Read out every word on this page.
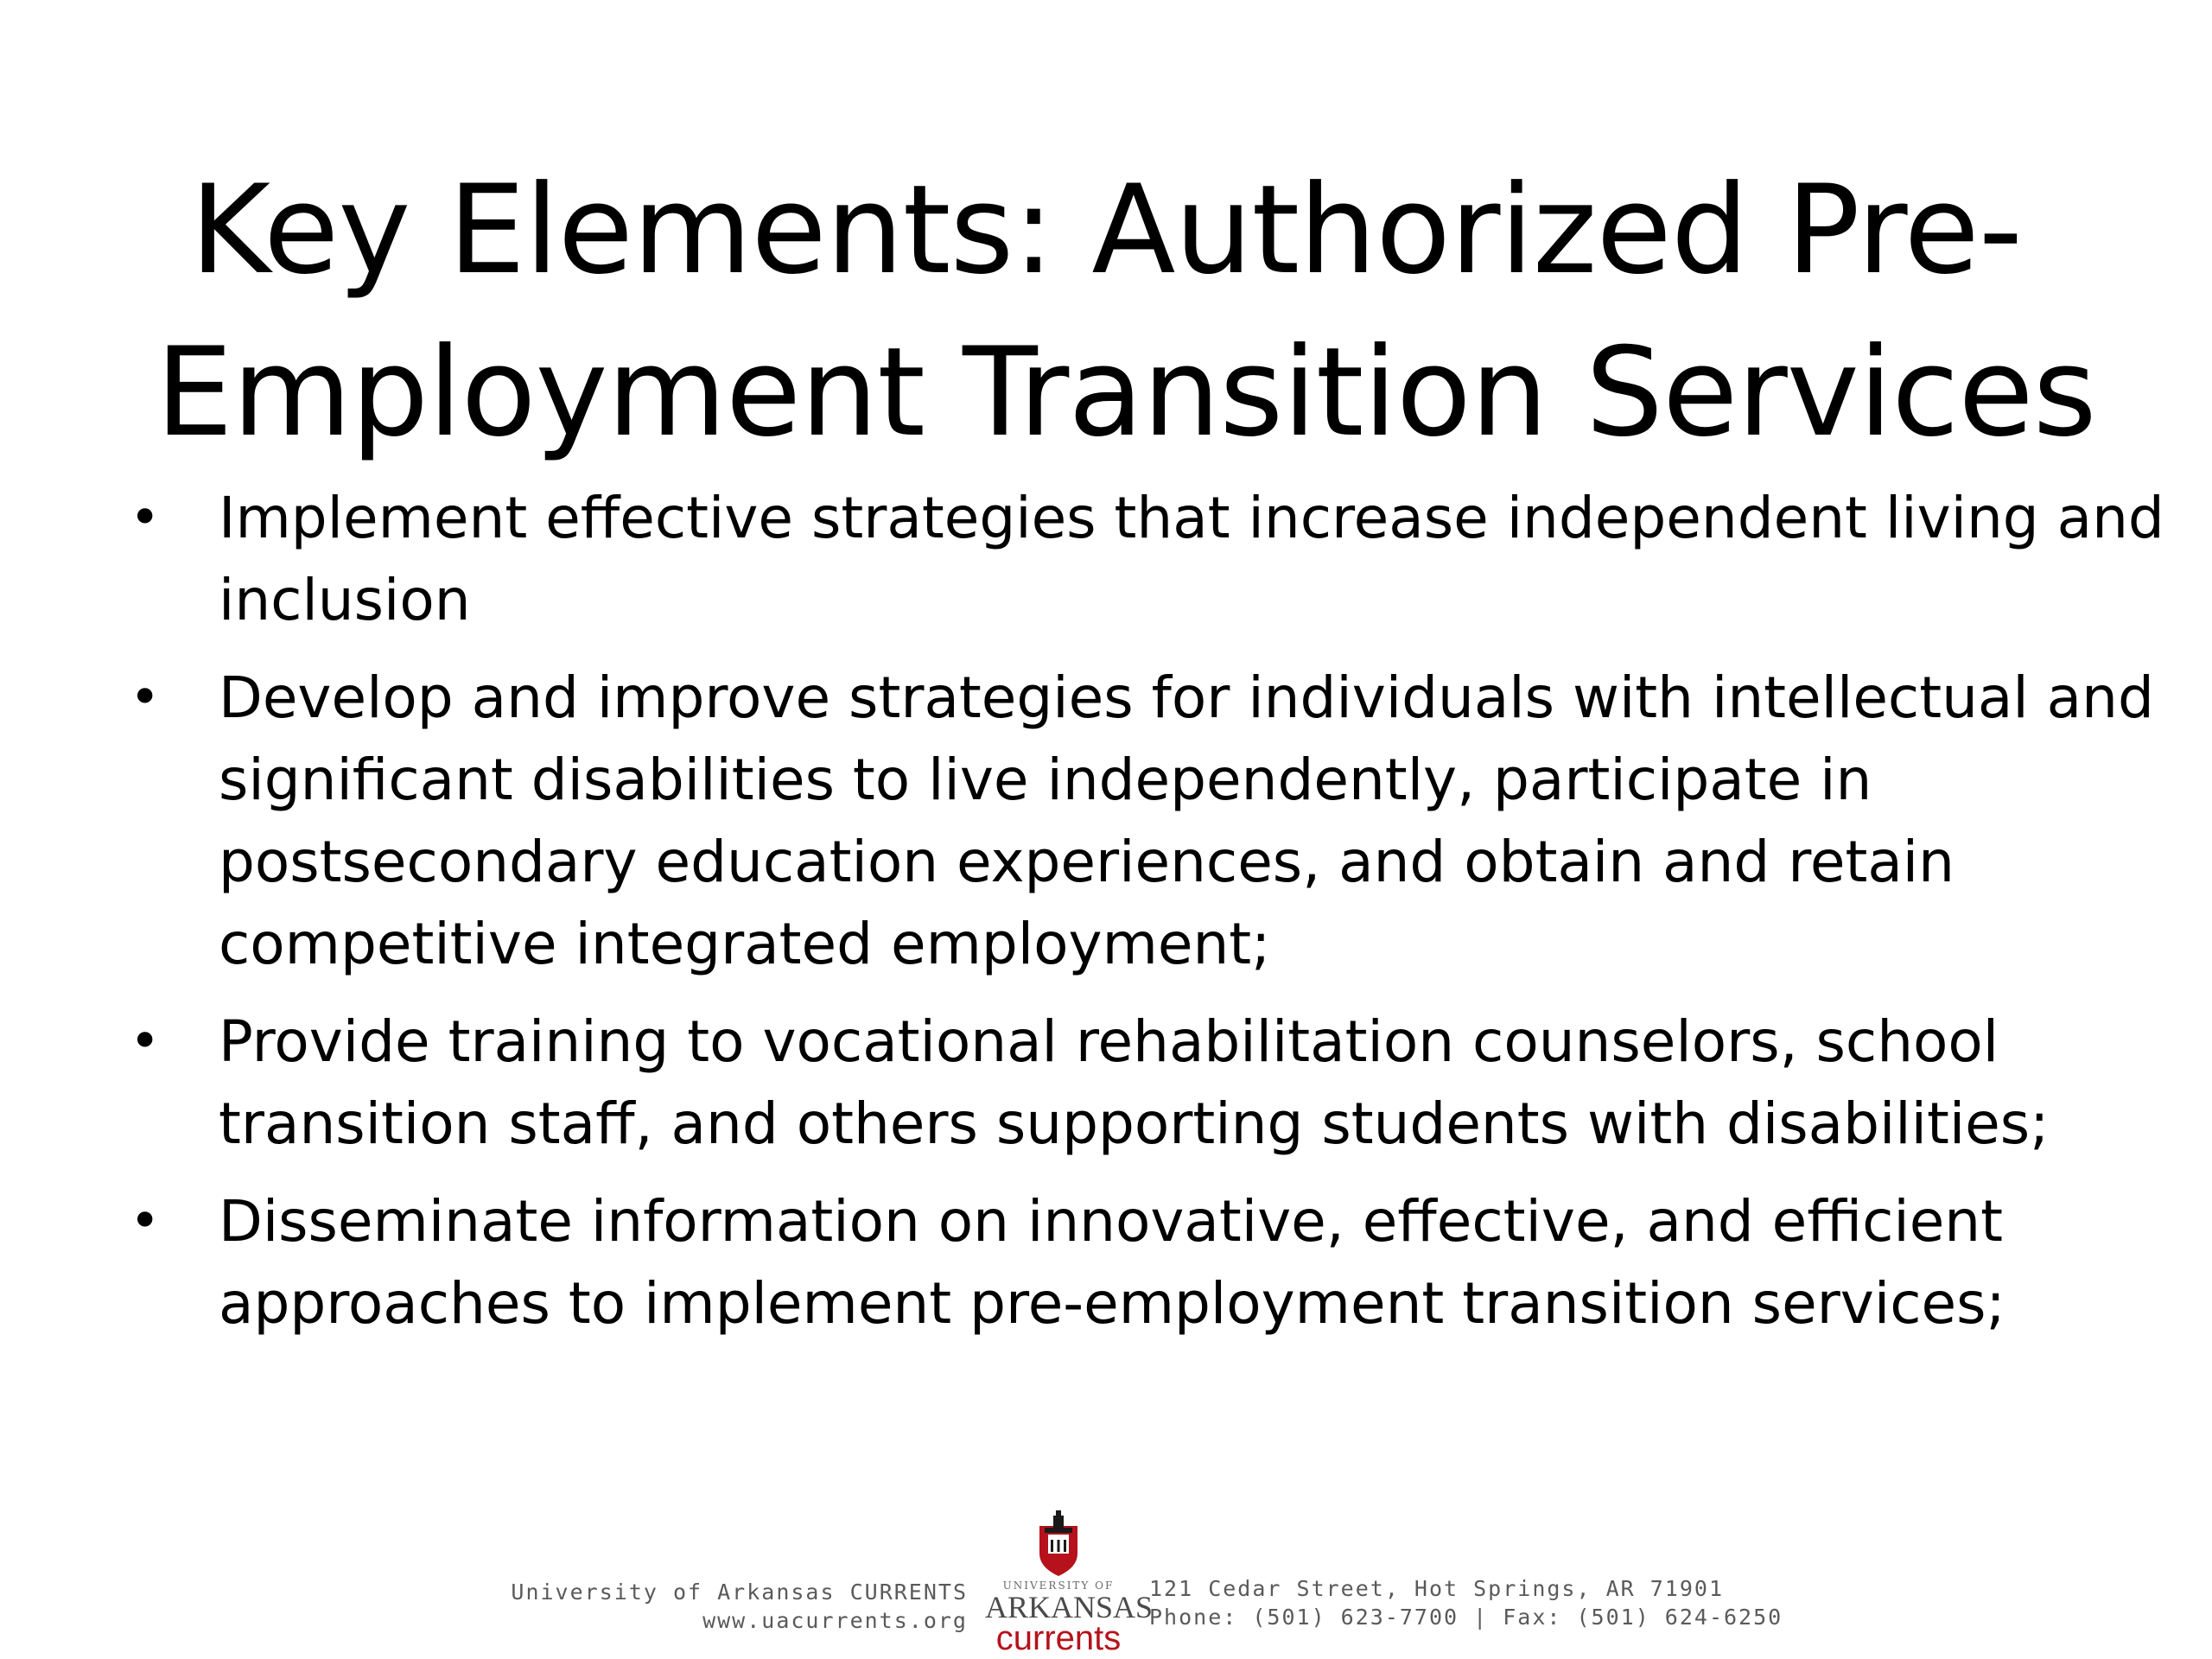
Key Elements: Authorized Pre-
Employment Transition Services
• Implement effective strategies that increase independent living and
inclusion
• Develop and improve strategies for individuals with intellectual and
significant disabilities to live independently, participate in
postsecondary education experiences, and obtain and retain
competitive integrated employment;
• Provide training to vocational rehabilitation counselors, school
transition staff, and others supporting students with disabilities;
• Disseminate information on innovative, effective, and efficient
approaches to implement pre-employment transition services;
University of Arkansas CURRENTS
www.uacurrents.org
UNIVERSITY OF
ARKANSAS
currents
121 Cedar Street, Hot Springs, AR 71901
Phone: (501) 623-7700 | Fax: (501) 624-6250
